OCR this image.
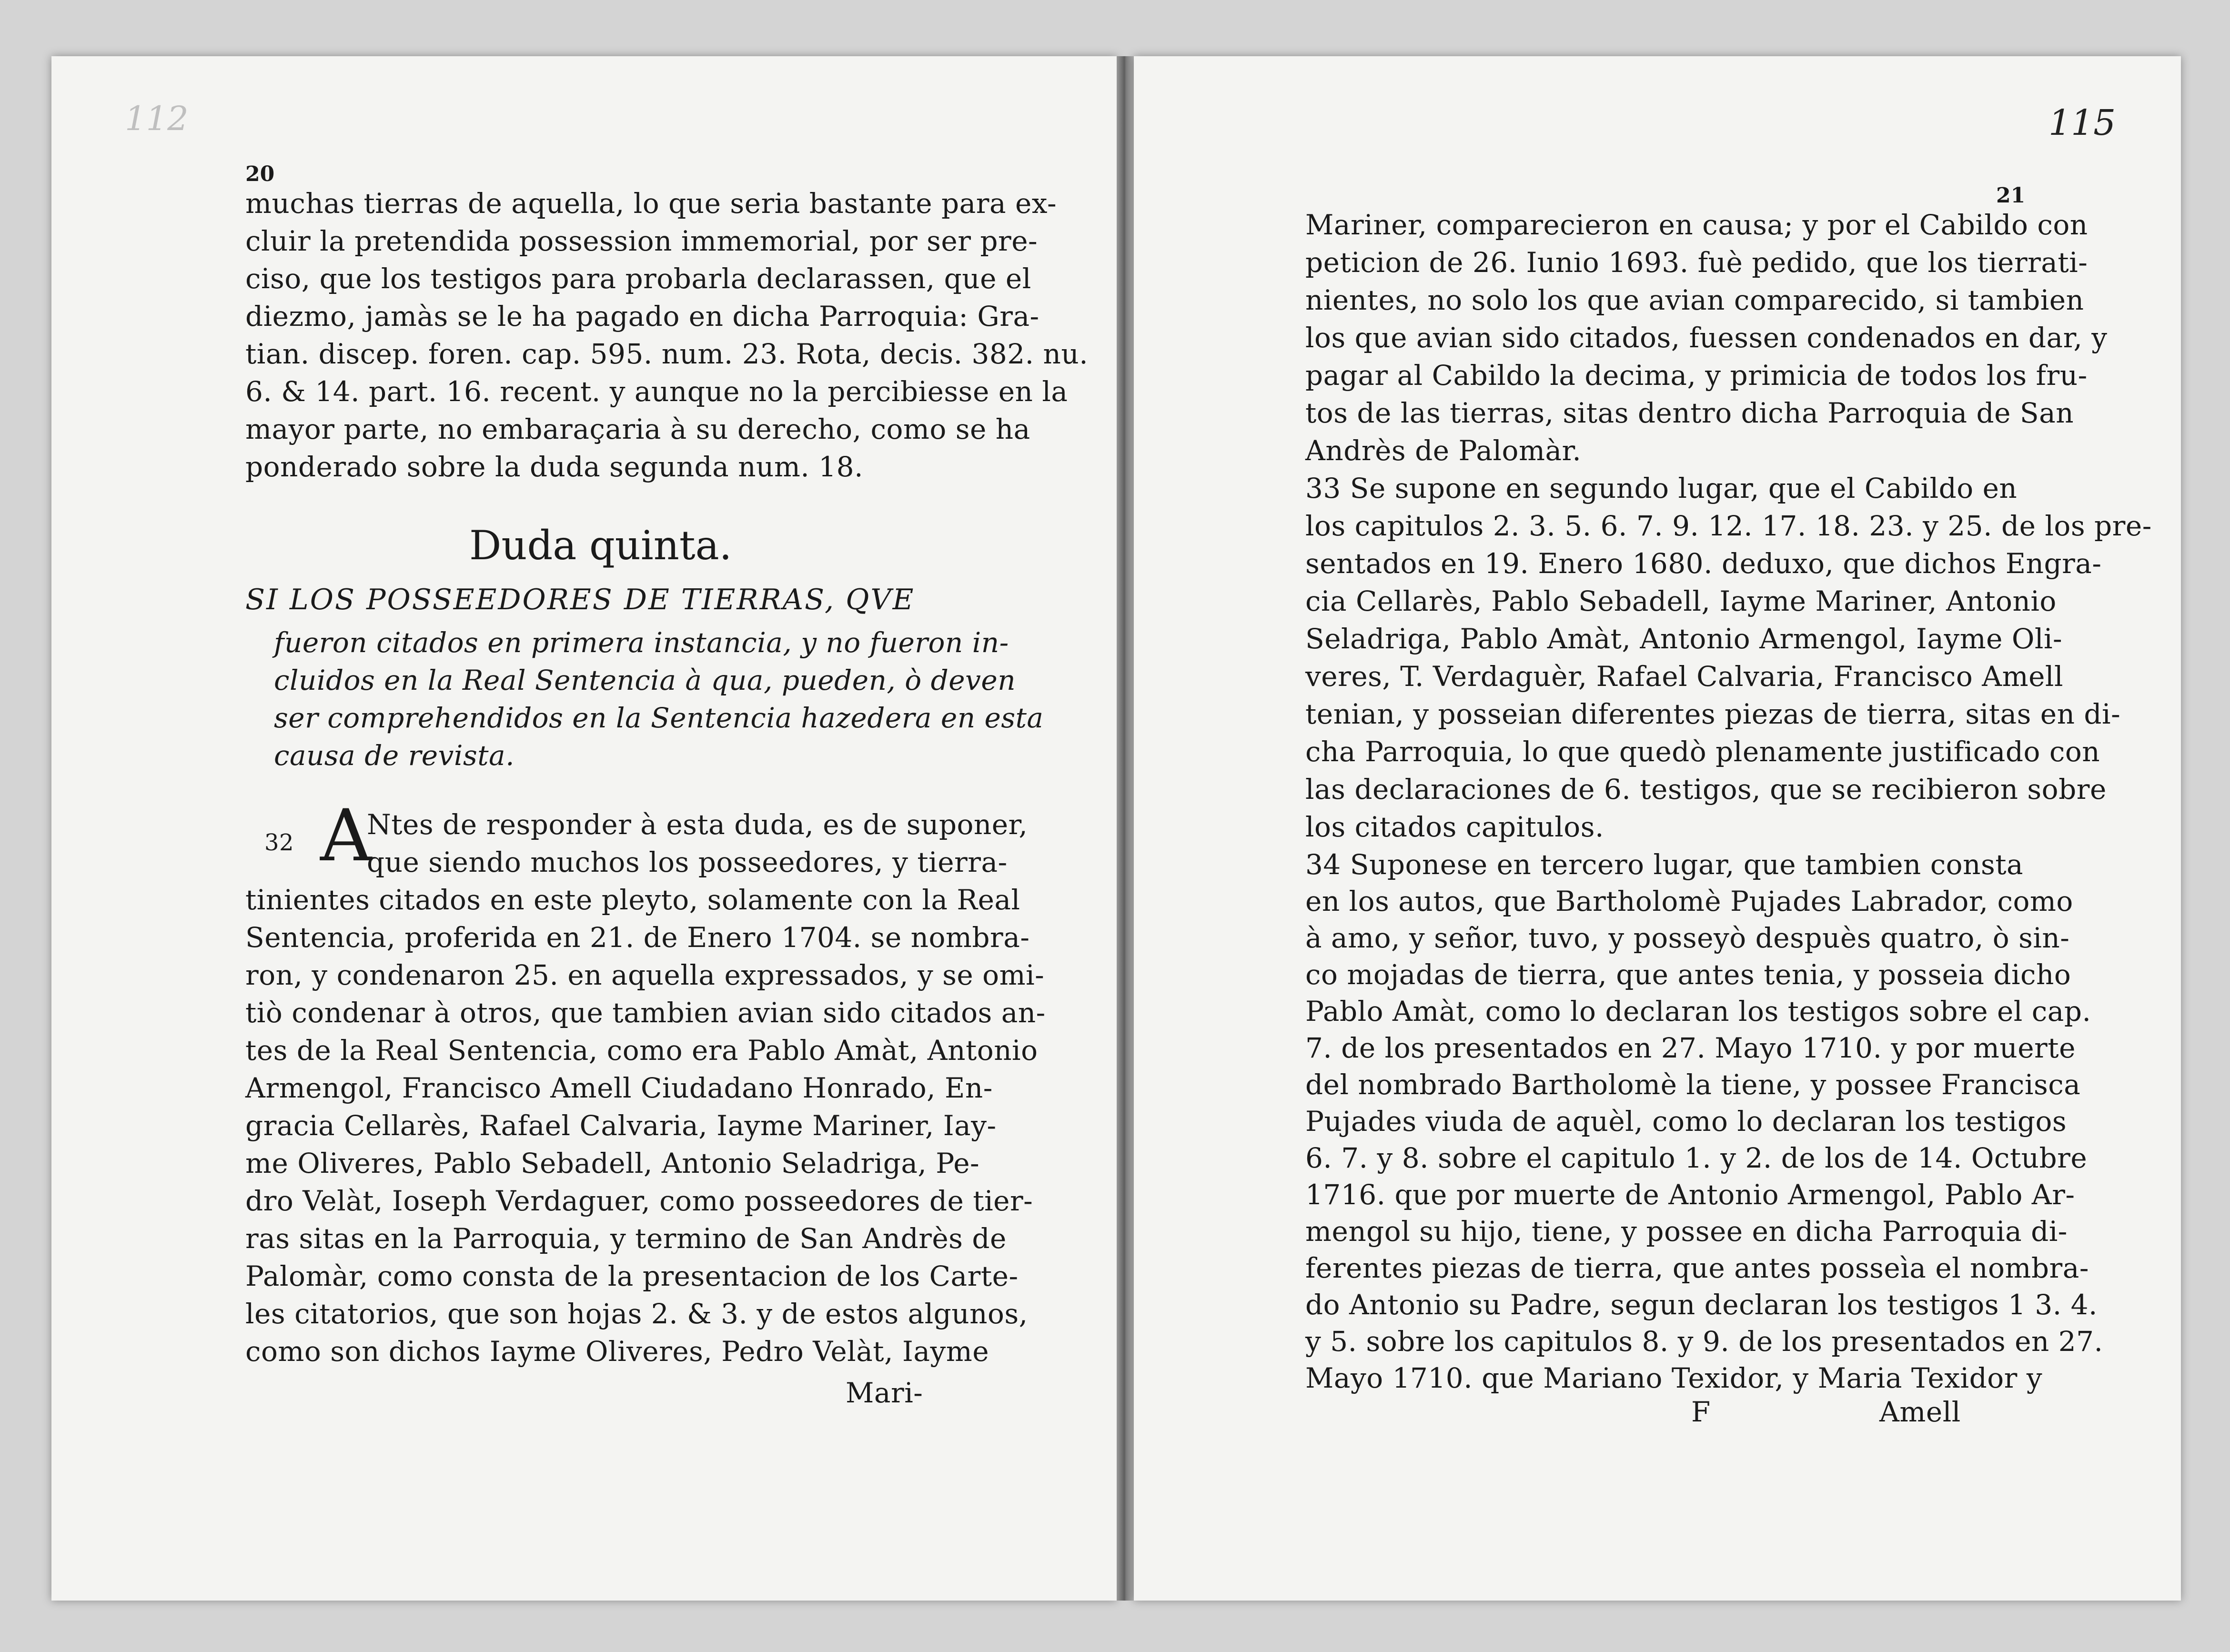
112
20
muchas tierras de aquella, lo que seria bastante para ex-
cluir la pretendida possession immemorial, por ser pre-
ciso, que los testigos para probarla declarassen, que el
diezmo, jamàs se le ha pagado en dicha Parroquia: Gra-
tian. discep. foren. cap. 595. num. 23. Rota, decis. 382. nu.
6. & 14. part. 16. recent. y aunque no la percibiesse en la
mayor parte, no embaraçaria à su derecho, como se ha
ponderado sobre la duda segunda num. 18.
Duda quinta.
SI LOS POSSEEDORES DE TIERRAS, QVE
fueron citados en primera instancia, y no fueron in-
cluidos en la Real Sentencia à qua, pueden, ò deven
ser comprehendidos en la Sentencia hazedera en esta
causa de revista.
32 A
Ntes de responder à esta duda, es de suponer,
que siendo muchos los posseedores, y tierra-
tinientes citados en este pleyto, solamente con la Real
Sentencia, proferida en 21. de Enero 1704. se nombra-
ron, y condenaron 25. en aquella expressados, y se omi-
tiò condenar à otros, que tambien avian sido citados an-
tes de la Real Sentencia, como era Pablo Amàt, Antonio
Armengol, Francisco Amell Ciudadano Honrado, En-
gracia Cellarès, Rafael Calvaria, Iayme Mariner, Iay-
me Oliveres, Pablo Sebadell, Antonio Seladriga, Pe-
dro Velàt, Ioseph Verdaguer, como posseedores de tier-
ras sitas en la Parroquia, y termino de San Andrès de
Palomàr, como consta de la presentacion de los Carte-
les citatorios, que son hojas 2. & 3. y de estos algunos,
como son dichos Iayme Oliveres, Pedro Velàt, Iayme
Mari-
115
21
Mariner, comparecieron en causa; y por el Cabildo con
peticion de 26. Iunio 1693. fuè pedido, que los tierrati-
nientes, no solo los que avian comparecido, si tambien
los que avian sido citados, fuessen condenados en dar, y
pagar al Cabildo la decima, y primicia de todos los fru-
tos de las tierras, sitas dentro dicha Parroquia de San
Andrès de Palomàr.
33 Se supone en segundo lugar, que el Cabildo en
los capitulos 2. 3. 5. 6. 7. 9. 12. 17. 18. 23. y 25. de los pre-
sentados en 19. Enero 1680. deduxo, que dichos Engra-
cia Cellarès, Pablo Sebadell, Iayme Mariner, Antonio
Seladriga, Pablo Amàt, Antonio Armengol, Iayme Oli-
veres, T. Verdaguèr, Rafael Calvaria, Francisco Amell
tenian, y posseian diferentes piezas de tierra, sitas en di-
cha Parroquia, lo que quedò plenamente justificado con
las declaraciones de 6. testigos, que se recibieron sobre
los citados capitulos.
34 Suponese en tercero lugar, que tambien consta
en los autos, que Bartholomè Pujades Labrador, como
à amo, y señor, tuvo, y posseyò despuès quatro, ò sin-
co mojadas de tierra, que antes tenia, y posseia dicho
Pablo Amàt, como lo declaran los testigos sobre el cap.
7. de los presentados en 27. Mayo 1710. y por muerte
del nombrado Bartholomè la tiene, y possee Francisca
Pujades viuda de aquèl, como lo declaran los testigos
6. 7. y 8. sobre el capitulo 1. y 2. de los de 14. Octubre
1716. que por muerte de Antonio Armengol, Pablo Ar-
mengol su hijo, tiene, y possee en dicha Parroquia di-
ferentes piezas de tierra, que antes posseìa el nombra-
do Antonio su Padre, segun declaran los testigos 1 3. 4.
y 5. sobre los capitulos 8. y 9. de los presentados en 27.
Mayo 1710. que Mariano Texidor, y Maria Texidor y
F	Amell
